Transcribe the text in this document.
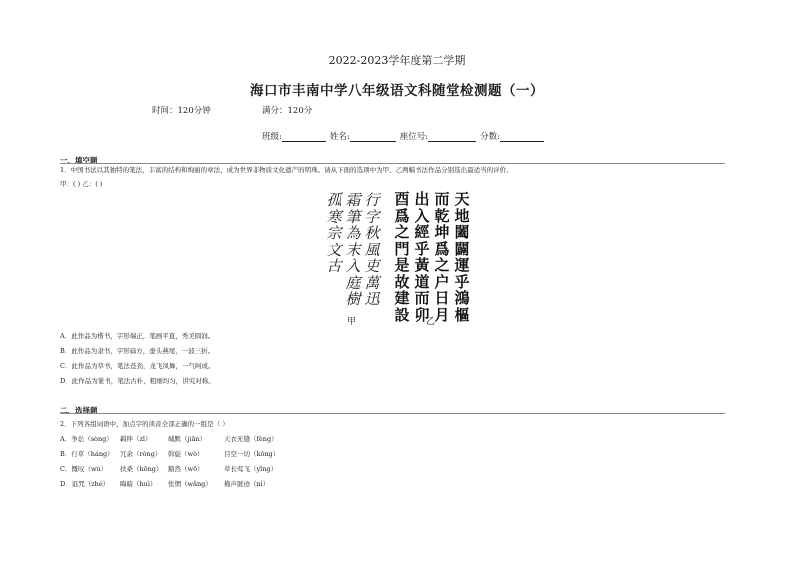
2022-2023学年度第二学期
海口市丰南中学八年级语文科随堂检测题（一）
时间：120分钟	满分：120分
班级:	姓名:	座位号:	分数:
一、填空题
1．中国书法以其独特的笔法，丰富的结构和绚丽的章法，成为世界非物质文化遗产的明珠。请从下面的选项中为甲、乙两幅书法作品分别选出最适当的评价。
甲：( ) 乙：( )
孤寒宗文古
霜筆為末入庭樹
行字秋風吏萬迅
酉爲之門是故建設
出入經乎黃道而卯
而乾坤爲之户日月
天地闔闢運乎鴻樞
甲	乙
A．此作品为楷书，字形端正，笔画平直，秀美圆润。
B．此作品为隶书，字形扁方，蚕头燕尾，一波三折。
C．此作品为草书，笔法苍劲，龙飞凤舞，一气呵成。
D．此作品为篆书，笔法古朴，粗细均匀，讲究对称。
二、选择题
2．下列各组词语中，加点字的读音全部正确的一组是（ ）
A．争讼（sòng）	羁绊（zī）	缄默（jiān）	天衣无缝（fèng）
B．行草（háng） 冗余（róng）	斡旋（wò）	目空一切（kōng）
C．慨叹（wù）	扶桑（hōng） 豁然（wō）	草长莺飞（yīng）
D．诅咒（zhé）	晦暗（huì）	怅惘（wǎng）	掩声匿迹（nì）
